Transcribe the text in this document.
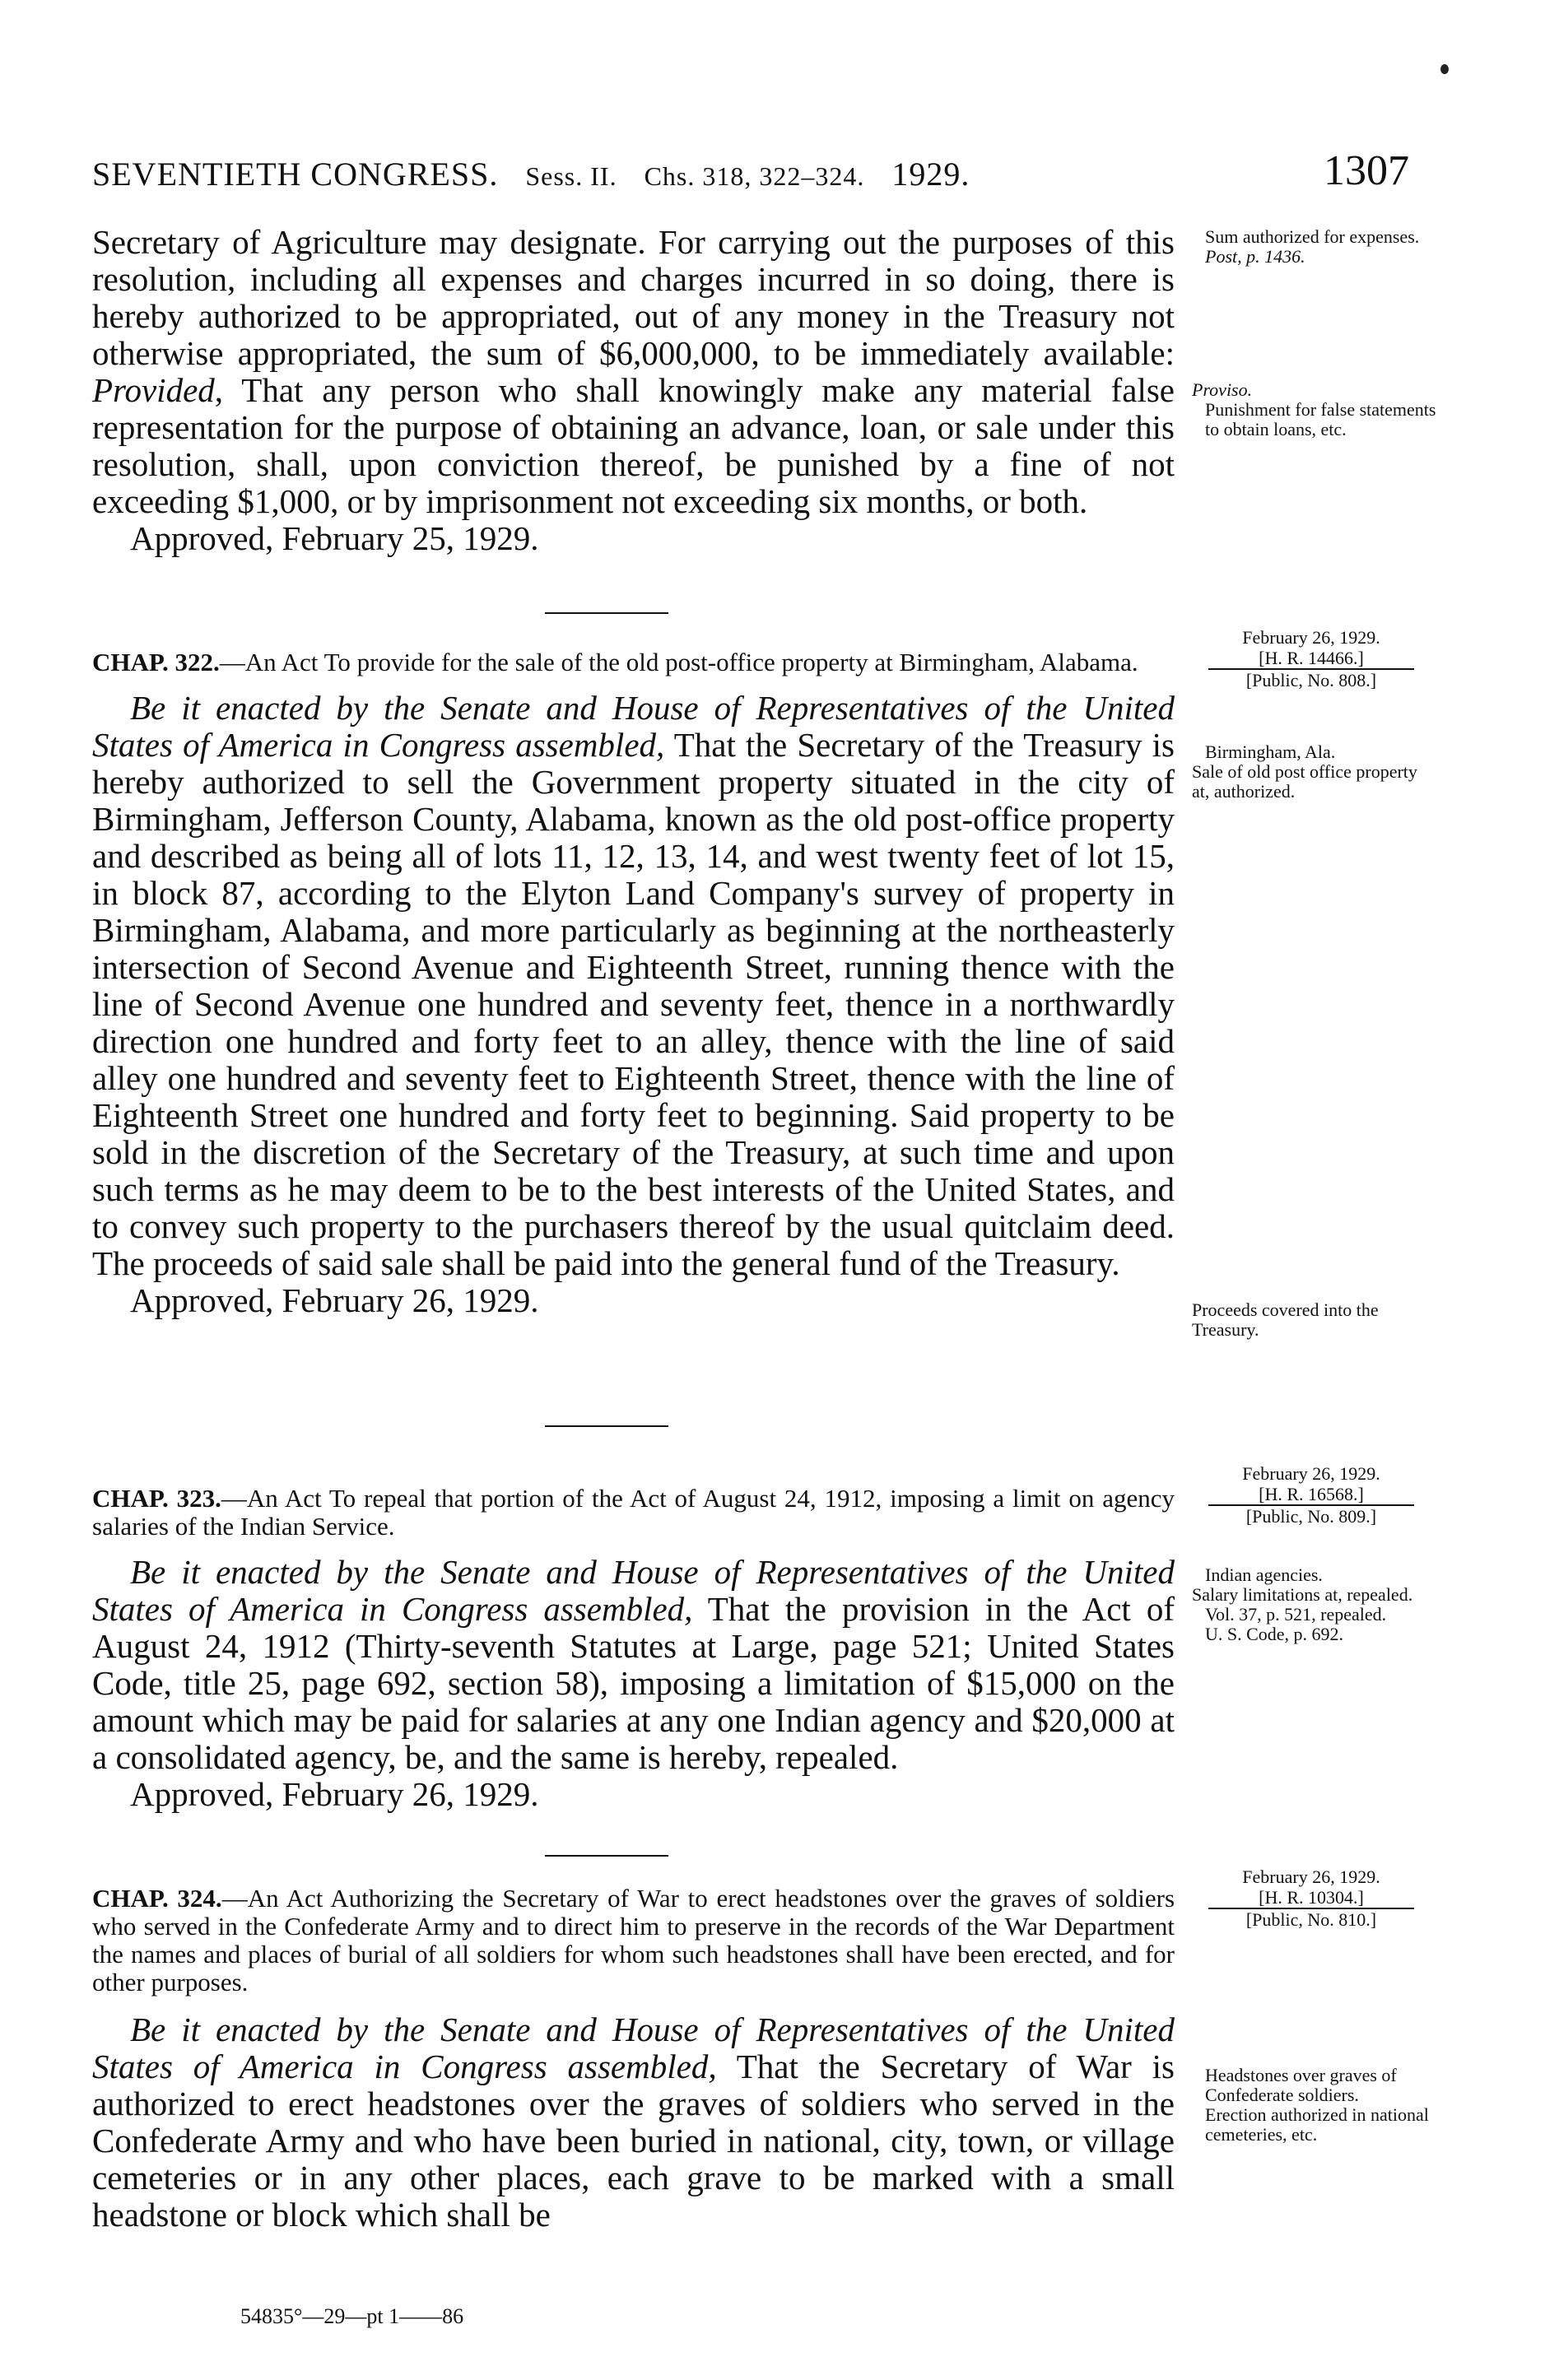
SEVENTIETH CONGRESS. Sess. II. Chs. 318, 322–324. 1929.	1307

Secretary of Agriculture may designate. For carrying out the purposes of this resolution, including all expenses and charges incurred in so doing, there is hereby authorized to be appropriated, out of any money in the Treasury not otherwise appropriated, the sum of $6,000,000, to be immediately available: Provided, That any person who shall knowingly make any material false representation for the purpose of obtaining an advance, loan, or sale under this resolution, shall, upon conviction thereof, be punished by a fine of not exceeding $1,000, or by imprisonment not exceeding six months, or both.

Approved, February 25, 1929.
Sum authorized for expenses.
Post, p. 1436.
Proviso.
Punishment for false statements to obtain loans, etc.
February 26, 1929.
[H. R. 14466.]
[Public, No. 808.]

CHAP. 322.—An Act To provide for the sale of the old post-office property at Birmingham, Alabama.

Be it enacted by the Senate and House of Representatives of the United States of America in Congress assembled, That the Secretary of the Treasury is hereby authorized to sell the Government property situated in the city of Birmingham, Jefferson County, Alabama, known as the old post-office property and described as being all of lots 11, 12, 13, 14, and west twenty feet of lot 15, in block 87, according to the Elyton Land Company's survey of property in Birmingham, Alabama, and more particularly as beginning at the northeasterly intersection of Second Avenue and Eighteenth Street, running thence with the line of Second Avenue one hundred and seventy feet, thence in a northwardly direction one hundred and forty feet to an alley, thence with the line of said alley one hundred and seventy feet to Eighteenth Street, thence with the line of Eighteenth Street one hundred and forty feet to beginning. Said property to be sold in the discretion of the Secretary of the Treasury, at such time and upon such terms as he may deem to be to the best interests of the United States, and to convey such property to the purchasers thereof by the usual quitclaim deed. The proceeds of said sale shall be paid into the general fund of the Treasury.

Approved, February 26, 1929.
Birmingham, Ala.
Sale of old post office property at, authorized.
Proceeds covered into the Treasury.
February 26, 1929.
[H. R. 16568.]
[Public, No. 809.]

CHAP. 323.—An Act To repeal that portion of the Act of August 24, 1912, imposing a limit on agency salaries of the Indian Service.

Be it enacted by the Senate and House of Representatives of the United States of America in Congress assembled, That the provision in the Act of August 24, 1912 (Thirty-seventh Statutes at Large, page 521; United States Code, title 25, page 692, section 58), imposing a limitation of $15,000 on the amount which may be paid for salaries at any one Indian agency and $20,000 at a consolidated agency, be, and the same is hereby, repealed.

Approved, February 26, 1929.
Indian agencies.
Salary limitations at, repealed.
Vol. 37, p. 521, repealed.
U. S. Code, p. 692.
February 26, 1929.
[H. R. 10304.]
[Public, No. 810.]

CHAP. 324.—An Act Authorizing the Secretary of War to erect headstones over the graves of soldiers who served in the Confederate Army and to direct him to preserve in the records of the War Department the names and places of burial of all soldiers for whom such headstones shall have been erected, and for other purposes.

Be it enacted by the Senate and House of Representatives of the United States of America in Congress assembled, That the Secretary of War is authorized to erect headstones over the graves of soldiers who served in the Confederate Army and who have been buried in national, city, town, or village cemeteries or in any other places, each grave to be marked with a small headstone or block which shall be

Headstones over graves of Confederate soldiers.
Erection authorized in national cemeteries, etc.
54835°—29—pt 1——86
